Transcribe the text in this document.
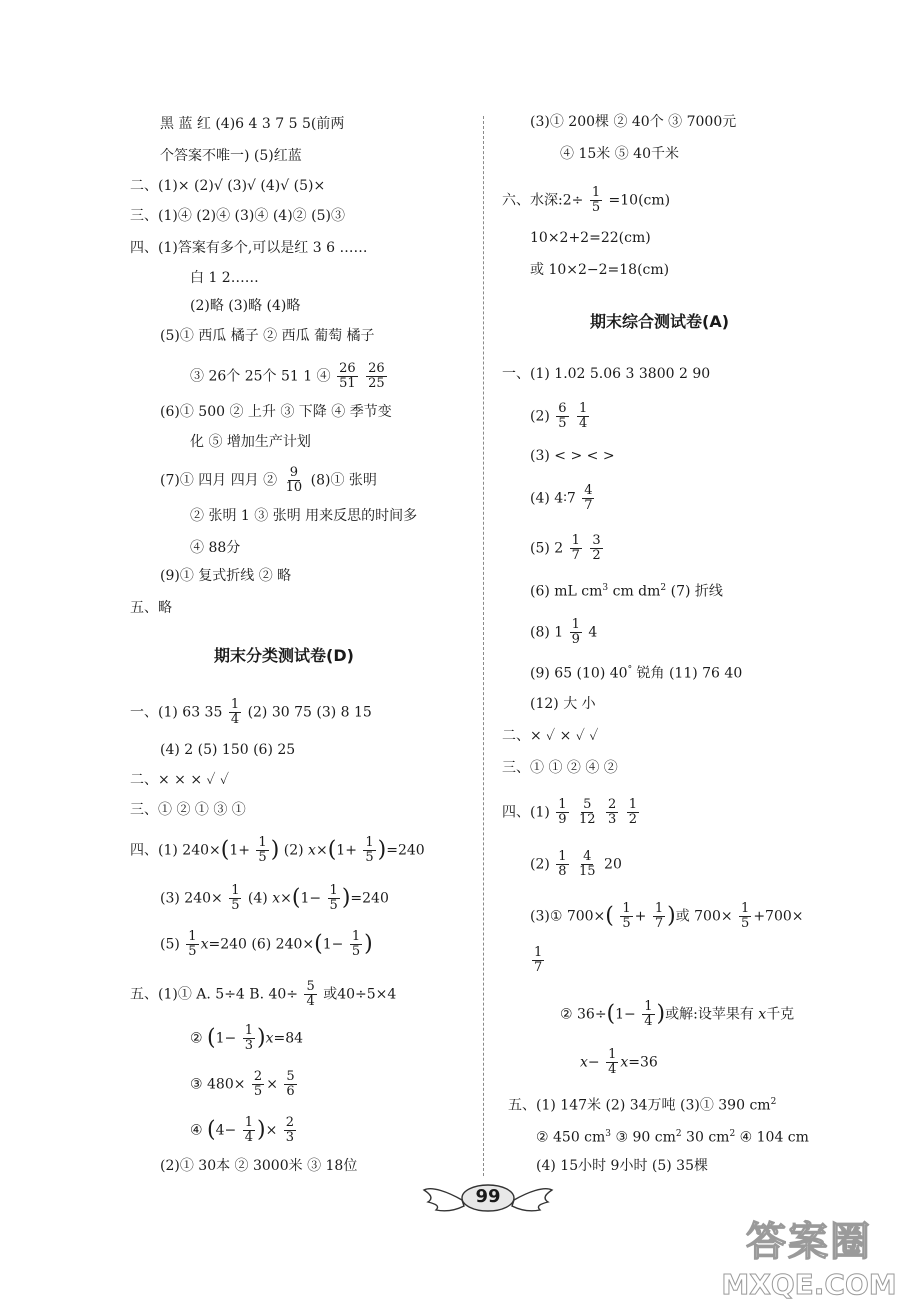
黑 蓝 红 (4)6 4 3 7 5 5(前两
个答案不唯一) (5)红蓝
二、(1)× (2)√ (3)√ (4)√ (5)×
三、(1)④ (2)④ (3)④ (4)② (5)③
四、(1)答案有多个,可以是红 3 6 ……
白 1 2……
(2)略 (3)略 (4)略
(5)① 西瓜 橘子 ② 西瓜 葡萄 橘子
③ 26个 25个 51 1 ④ $\frac{26}{51}$
$\frac{26}{25}$
(6)① 500 ② 上升 ③ 下降 ④ 季节变
化 ⑤ 增加生产计划
(7)① 四月 四月 ② $\frac{9}{10}$ (8)① 张明
② 张明 1 ③ 张明 用来反思的时间多
④ 88分
(9)① 复式折线 ② 略
五、略
期末分类测试卷(D)
一、(1) 63 $35 \frac{1}{4} (2)$ 30 75 (3) 8 15
(4) 2 (5) 150 (6) 25
二、× × × ✓ ✓
三、① ② ① ③ ①
四、(1) $240\times(1+ \frac{1}{5}$ ) (2) $x\times(1+ \frac{1}{5} )=240$
(3) $240\times \frac{1}{5} (4)$ $x\times(1- \frac{1}{5} )=240$
$(5) \frac{1}{5} x=240$ (6) $240\times(1- \frac{1}{5}$ )
五、(1)① A. 5÷4 B. $40\div \frac{5}{4}$ 或40÷5×4
② $(1- \frac{1}{3} )x=84$
③ $480\times \frac{2}{5} \times \frac{5}{6}$
④ ($4- \frac{1}{4}$ )× $\frac{2}{3}$
(2)① 30本 ② 3000米 ③ 18位
(3)① 200棵 ② 40个 ③ 7000元
④ 15米 ⑤ 40千米
六、水深:2÷ $\frac{1}{5} =10(cm)$
10×2+2=22(cm)
或 10×2−2=18(cm)
期末综合测试卷(A)
一、(1) 1.02 5.06 3 3800 2 90
$(2) \frac{6}{5}$
$\frac{1}{4}$
(3) < > < >
(4) 4∶7 $\frac{4}{7}$
(5) $2 \frac{1}{7}$
$\frac{3}{2}$
(6) mL $cm^3$ cm $dm^2$ (7) 折线
(8) $1 \frac{1}{9} 4$
(9) 65 (10) 40° 锐角 (11) 76 40
(12) 大 小
二、× ✓ × ✓ ✓
三、① ① ② ④ ②
四、$(1) \frac{1}{9}$
$\frac{5}{12}$
$\frac{2}{3}$
$\frac{1}{2}$
$(2) \frac{1}{8}$
$\frac{4}{15} 20$
(3)① $700\times( \frac{1}{5} + \frac{1}{7}$ )或 $700\times \frac{1}{5} +700\times$
$\frac{1}{7}$
② $36\div(1- \frac{1}{4}$ )或解:设苹果有 x千克
$x- \frac{1}{4} x=36$
五、(1) 147米 (2) 34万吨 (3)① 390 $cm^2$
② 450 $cm^3$ ③ 90 $cm^2$ 30 $cm^2$ ④ 104 cm
(4) 15小时 9小时 (5) 35棵
99
答案圈
MXQE.COM
